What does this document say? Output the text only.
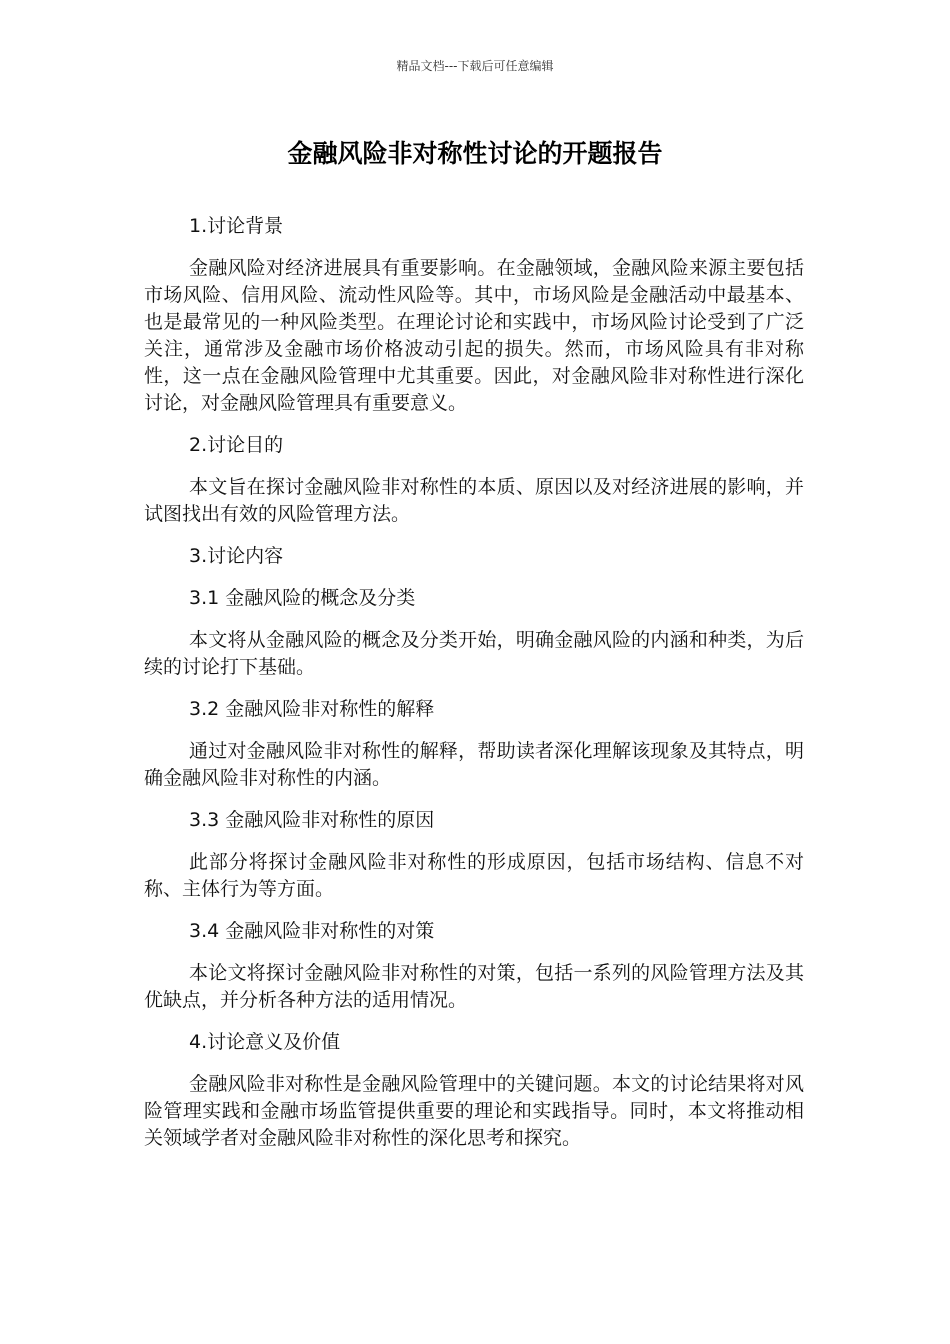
精品文档---下载后可任意编辑
金融风险非对称性讨论的开题报告

1.讨论背景

金融风险对经济进展具有重要影响。在金融领域，金融风险来源主要包括市场风险、信用风险、流动性风险等。其中，市场风险是金融活动中最基本、也是最常见的一种风险类型。在理论讨论和实践中，市场风险讨论受到了广泛关注，通常涉及金融市场价格波动引起的损失。然而，市场风险具有非对称性，这一点在金融风险管理中尤其重要。因此，对金融风险非对称性进行深化讨论，对金融风险管理具有重要意义。

2.讨论目的

本文旨在探讨金融风险非对称性的本质、原因以及对经济进展的影响，并试图找出有效的风险管理方法。

3.讨论内容

3.1 金融风险的概念及分类

本文将从金融风险的概念及分类开始，明确金融风险的内涵和种类，为后续的讨论打下基础。

3.2 金融风险非对称性的解释

通过对金融风险非对称性的解释，帮助读者深化理解该现象及其特点，明确金融风险非对称性的内涵。

3.3 金融风险非对称性的原因

此部分将探讨金融风险非对称性的形成原因，包括市场结构、信息不对称、主体行为等方面。

3.4 金融风险非对称性的对策

本论文将探讨金融风险非对称性的对策，包括一系列的风险管理方法及其优缺点，并分析各种方法的适用情况。

4.讨论意义及价值

金融风险非对称性是金融风险管理中的关键问题。本文的讨论结果将对风险管理实践和金融市场监管提供重要的理论和实践指导。同时，本文将推动相关领域学者对金融风险非对称性的深化思考和探究。
